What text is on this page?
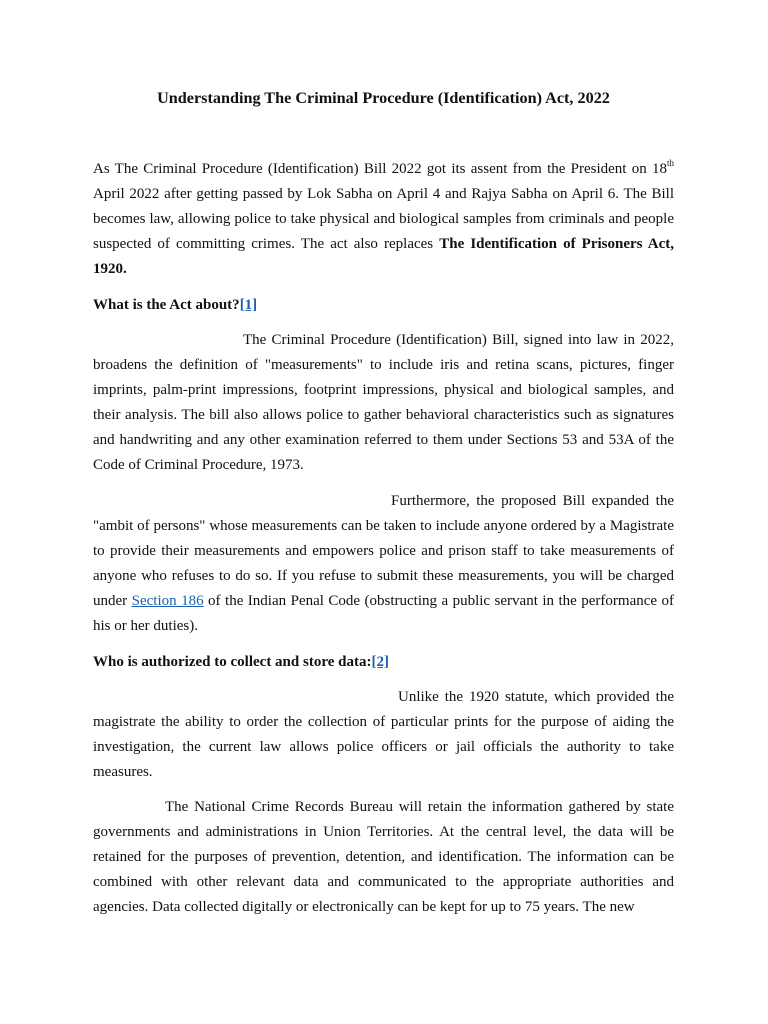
Understanding The Criminal Procedure (Identification) Act, 2022

As The Criminal Procedure (Identification) Bill 2022 got its assent from the President on 18th April 2022 after getting passed by Lok Sabha on April 4 and Rajya Sabha on April 6. The Bill becomes law, allowing police to take physical and biological samples from criminals and people suspected of committing crimes. The act also replaces The Identification of Prisoners Act, 1920.

What is the Act about?[1]

The Criminal Procedure (Identification) Bill, signed into law in 2022, broadens the definition of "measurements" to include iris and retina scans, pictures, finger imprints, palm-print impressions, footprint impressions, physical and biological samples, and their analysis. The bill also allows police to gather behavioral characteristics such as signatures and handwriting and any other examination referred to them under Sections 53 and 53A of the Code of Criminal Procedure, 1973.

Furthermore, the proposed Bill expanded the "ambit of persons" whose measurements can be taken to include anyone ordered by a Magistrate to provide their measurements and empowers police and prison staff to take measurements of anyone who refuses to do so. If you refuse to submit these measurements, you will be charged under Section 186 of the Indian Penal Code (obstructing a public servant in the performance of his or her duties).

Who is authorized to collect and store data:[2]

Unlike the 1920 statute, which provided the magistrate the ability to order the collection of particular prints for the purpose of aiding the investigation, the current law allows police officers or jail officials the authority to take measures.

The National Crime Records Bureau will retain the information gathered by state governments and administrations in Union Territories. At the central level, the data will be retained for the purposes of prevention, detention, and identification. The information can be combined with other relevant data and communicated to the appropriate authorities and agencies. Data collected digitally or electronically can be kept for up to 75 years. The new
